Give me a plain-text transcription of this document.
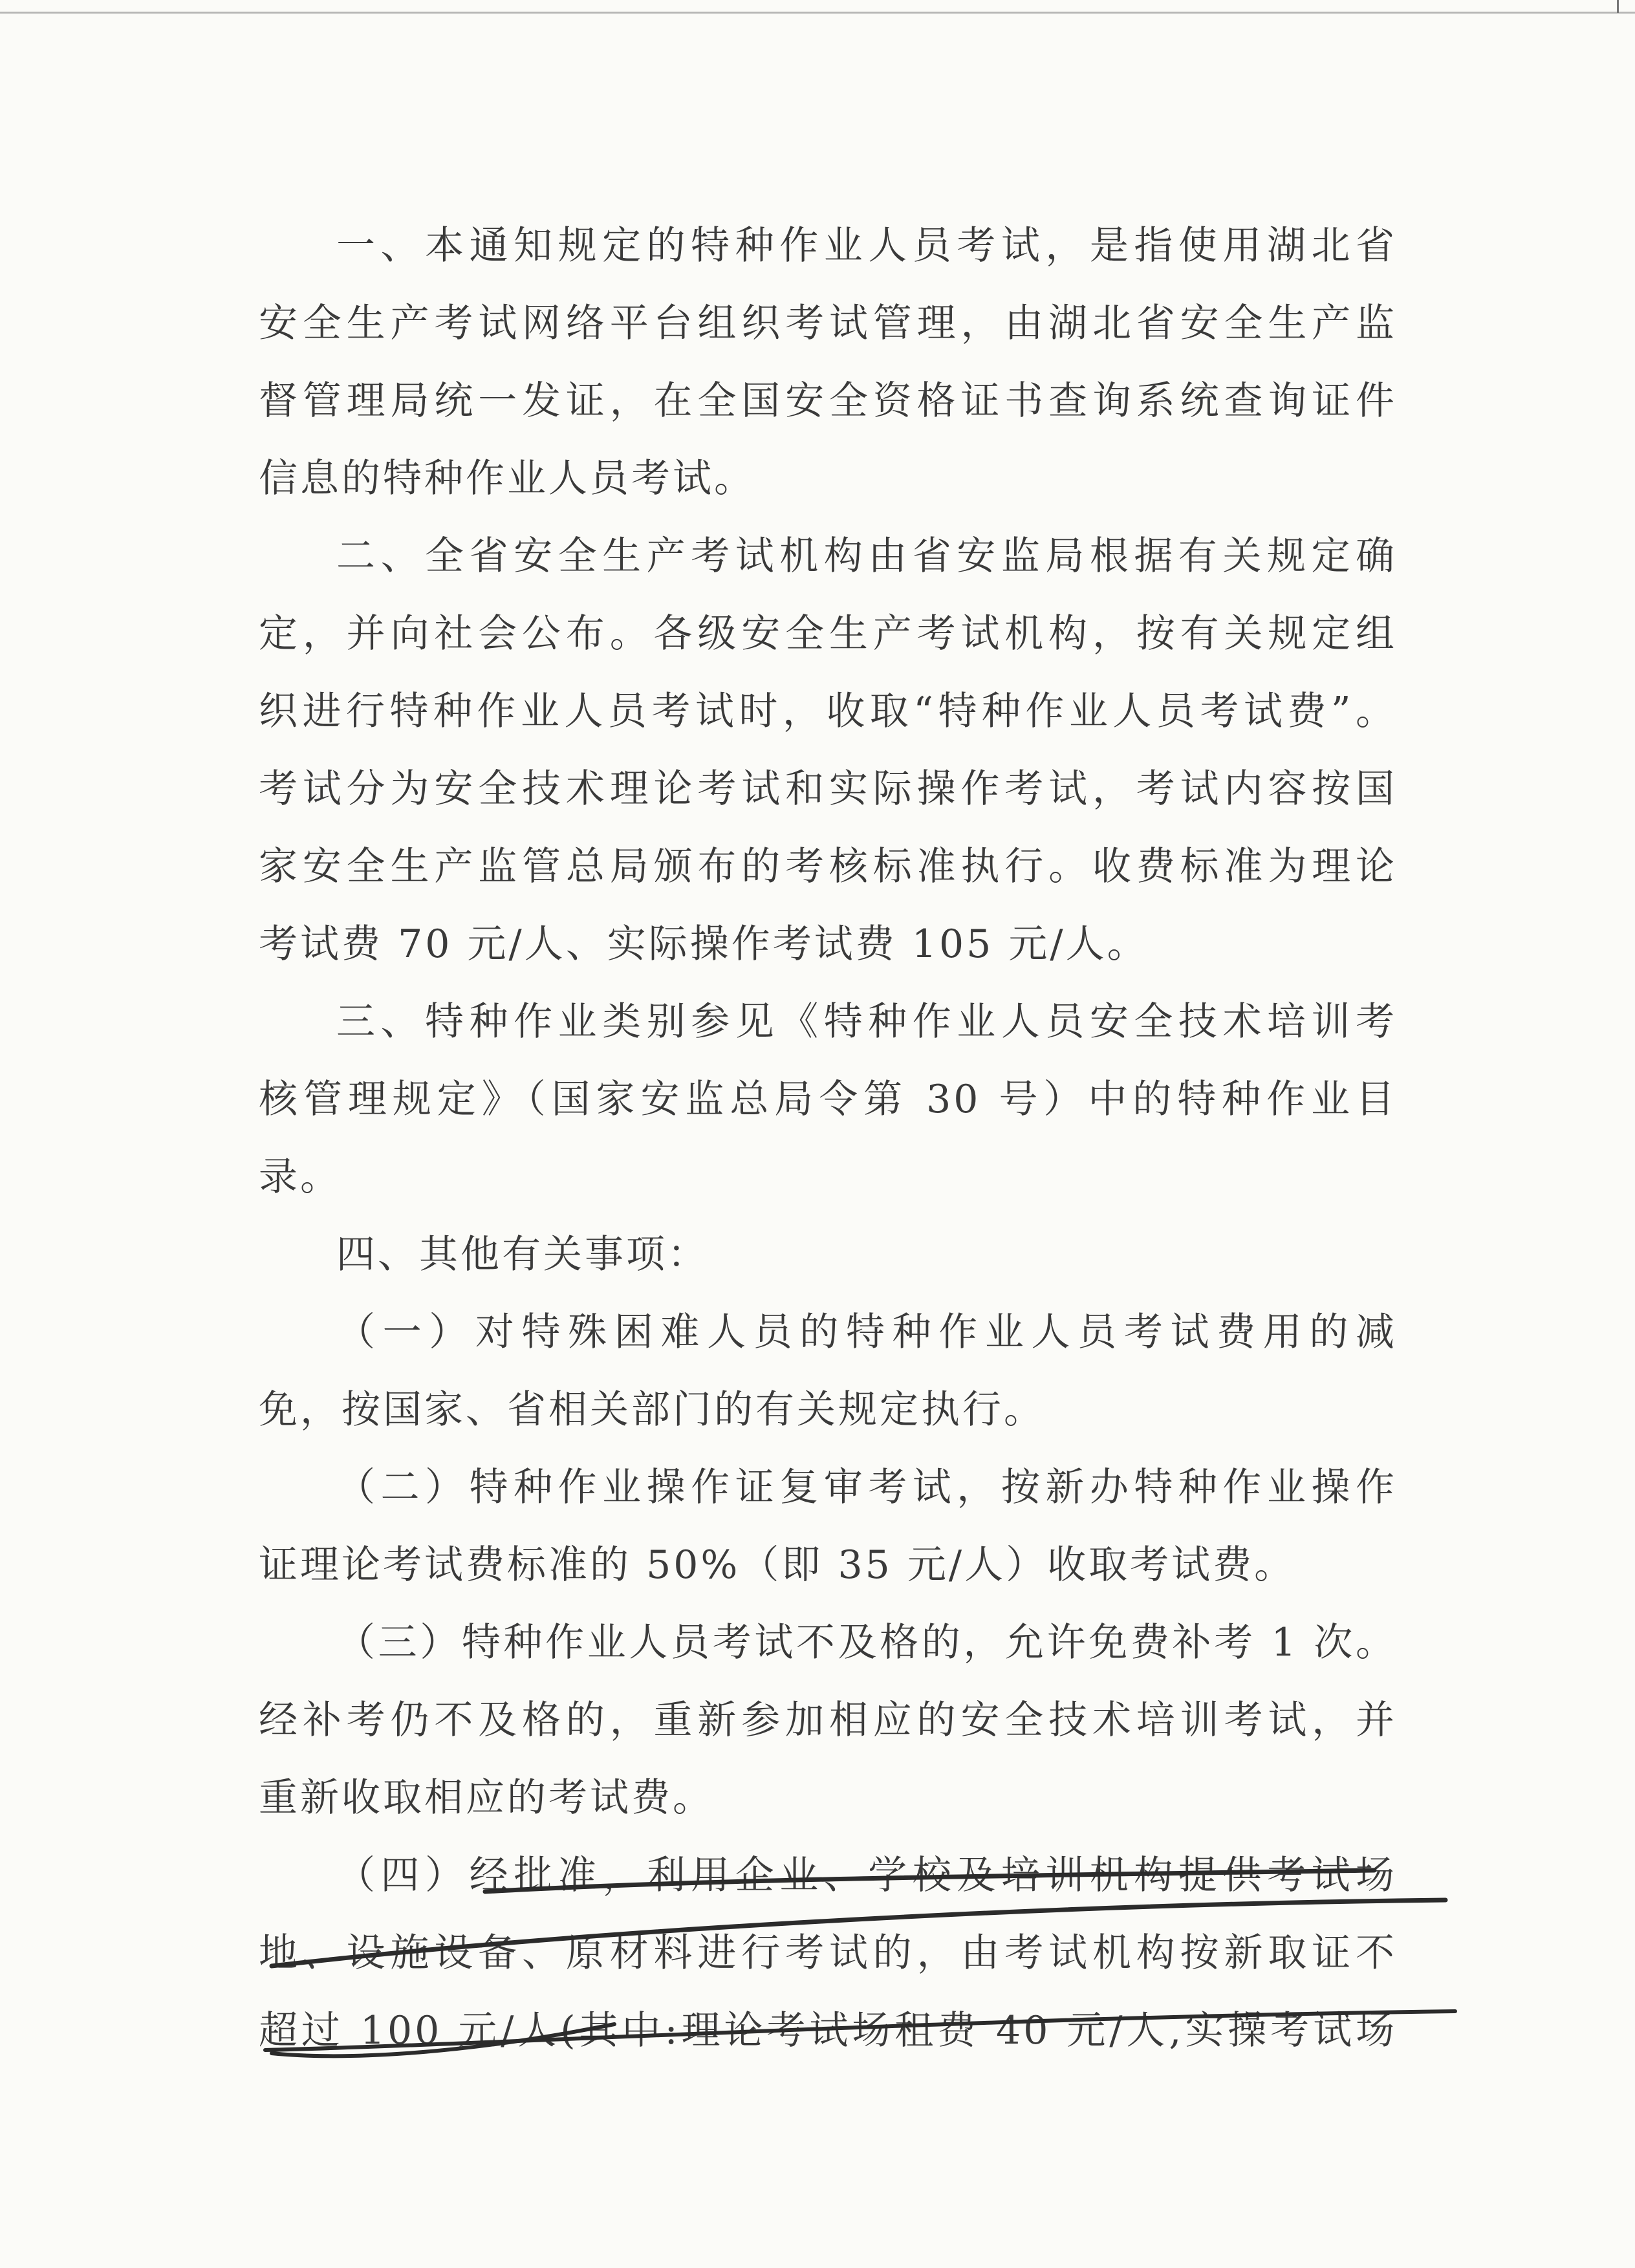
一、本通知规定的特种作业人员考试，是指使用湖北省
安全生产考试网络平台组织考试管理，由湖北省安全生产监
督管理局统一发证，在全国安全资格证书查询系统查询证件
信息的特种作业人员考试。
二、全省安全生产考试机构由省安监局根据有关规定确
定，并向社会公布。各级安全生产考试机构，按有关规定组
织进行特种作业人员考试时，收取“特种作业人员考试费”。
考试分为安全技术理论考试和实际操作考试，考试内容按国
家安全生产监管总局颁布的考核标准执行。收费标准为理论
考试费 70 元/人、实际操作考试费 105 元/人。
三、特种作业类别参见《特种作业人员安全技术培训考
核管理规定》（国家安监总局令第 30 号）中的特种作业目
录。
四、其他有关事项：
（一）对特殊困难人员的特种作业人员考试费用的减
免，按国家、省相关部门的有关规定执行。
（二）特种作业操作证复审考试，按新办特种作业操作
证理论考试费标准的 50%（即 35 元/人）收取考试费。
（三）特种作业人员考试不及格的，允许免费补考 1 次。
经补考仍不及格的，重新参加相应的安全技术培训考试，并
重新收取相应的考试费。
（四）经批准，利用企业、学校及培训机构提供考试场
地、设施设备、原材料进行考试的，由考试机构按新取证不
超过 100 元/人(其中:理论考试场租费 40 元/人,实操考试场
